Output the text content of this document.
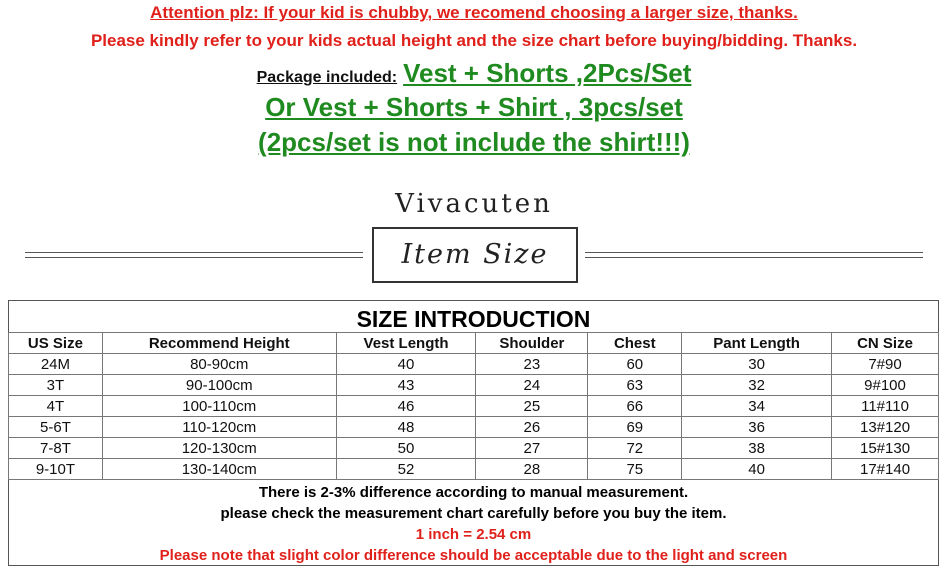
Attention plz: If your kid is chubby, we recomend choosing a larger size, thanks.
Please kindly refer to your kids actual height and the size chart before buying/bidding. Thanks.
Package included: Vest + Shorts ,2Pcs/Set
Or Vest + Shorts + Shirt , 3pcs/set
(2pcs/set is not include the shirt!!!)
Vivacuten
Item Size
SIZE INTRODUCTION
US Size	Recommend Height	Vest Length	Shoulder	Chest	Pant Length	CN Size
24M	80-90cm	40	23	60	30	7#90
3T	90-100cm	43	24	63	32	9#100
4T	100-110cm	46	25	66	34	11#110
5-6T	110-120cm	48	26	69	36	13#120
7-8T	120-130cm	50	27	72	38	15#130
9-10T	130-140cm	52	28	75	40	17#140
There is 2-3% difference according to manual measurement.
please check the measurement chart carefully before you buy the item.
1 inch = 2.54 cm
Please note that slight color difference should be acceptable due to the light and screen
